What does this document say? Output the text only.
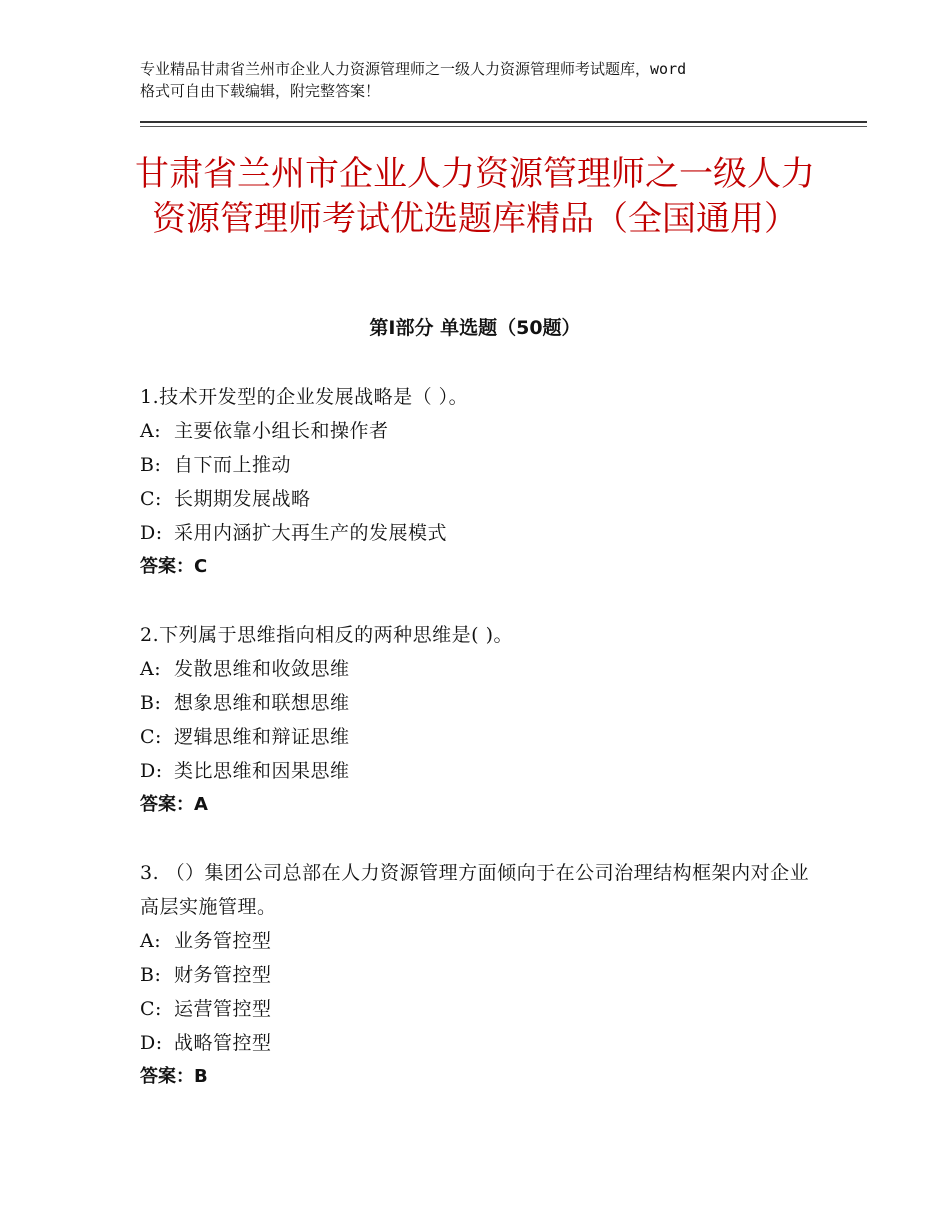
专业精品甘肃省兰州市企业人力资源管理师之一级人力资源管理师考试题库，word
格式可自由下载编辑，附完整答案！
甘肃省兰州市企业人力资源管理师之一级人力资源管理师考试优选题库精品（全国通用）
第Ⅰ部分 单选题（50题）

1.技术开发型的企业发展战略是（ ）。

A: 主要依靠小组长和操作者

B: 自下而上推动

C: 长期期发展战略

D: 采用内涵扩大再生产的发展模式

答案：C

2.下列属于思维指向相反的两种思维是( )。

A: 发散思维和收敛思维

B: 想象思维和联想思维

C: 逻辑思维和辩证思维

D: 类比思维和因果思维

答案：A

3. （）集团公司总部在人力资源管理方面倾向于在公司治理结构框架内对企业高层实施管理。

A: 业务管控型

B: 财务管控型

C: 运营管控型

D: 战略管控型

答案：B
